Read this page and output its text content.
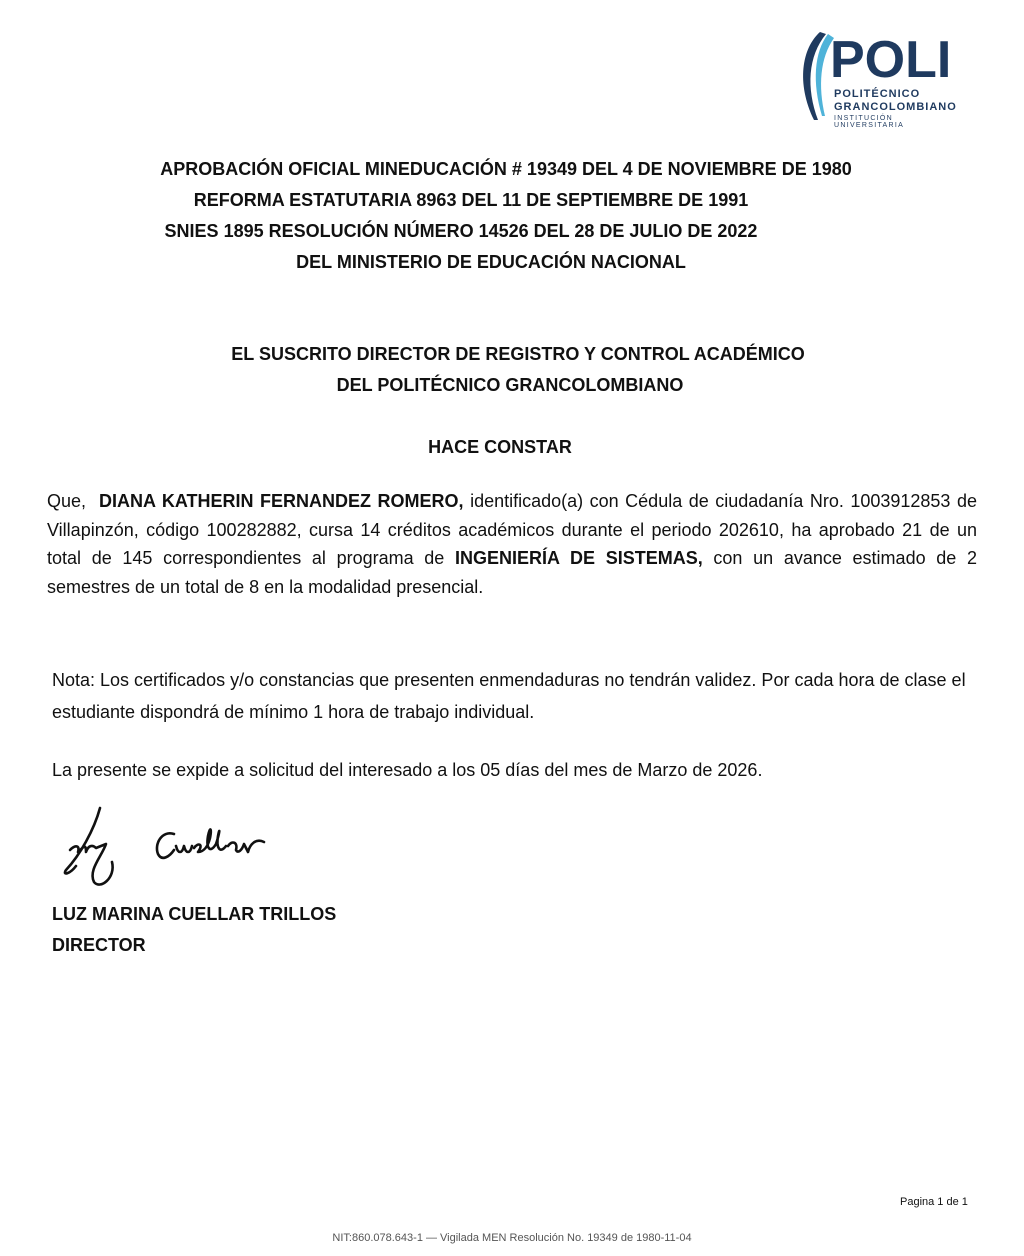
POLI
POLITÉCNICO
GRANCOLOMBIANO
INSTITUCIÓN UNIVERSITARIA
APROBACIÓN OFICIAL MINEDUCACIÓN # 19349 DEL 4 DE NOVIEMBRE DE 1980
REFORMA ESTATUTARIA 8963 DEL 11 DE SEPTIEMBRE DE 1991
SNIES 1895 RESOLUCIÓN NÚMERO 14526 DEL 28 DE JULIO DE 2022
DEL MINISTERIO DE EDUCACIÓN NACIONAL
EL SUSCRITO DIRECTOR DE REGISTRO Y CONTROL ACADÉMICO
DEL POLITÉCNICO GRANCOLOMBIANO
HACE CONSTAR
Que, DIANA KATHERIN FERNANDEZ ROMERO, identificado(a) con Cédula de ciudadanía Nro. 1003912853 de Villapinzón, código 100282882, cursa 14 créditos académicos durante el periodo 202610, ha aprobado 21 de un total de 145 correspondientes al programa de INGENIERÍA DE SISTEMAS, con un avance estimado de 2 semestres de un total de 8 en la modalidad presencial.
Nota: Los certificados y/o constancias que presenten enmendaduras no tendrán validez. Por cada hora de clase el estudiante dispondrá de mínimo 1 hora de trabajo individual.
La presente se expide a solicitud del interesado a los 05 días del mes de Marzo de 2026.
LUZ MARINA CUELLAR TRILLOS
DIRECTOR
Pagina 1 de 1
NIT:860.078.643-1 — Vigilada MEN Resolución No. 19349 de 1980-11-04
